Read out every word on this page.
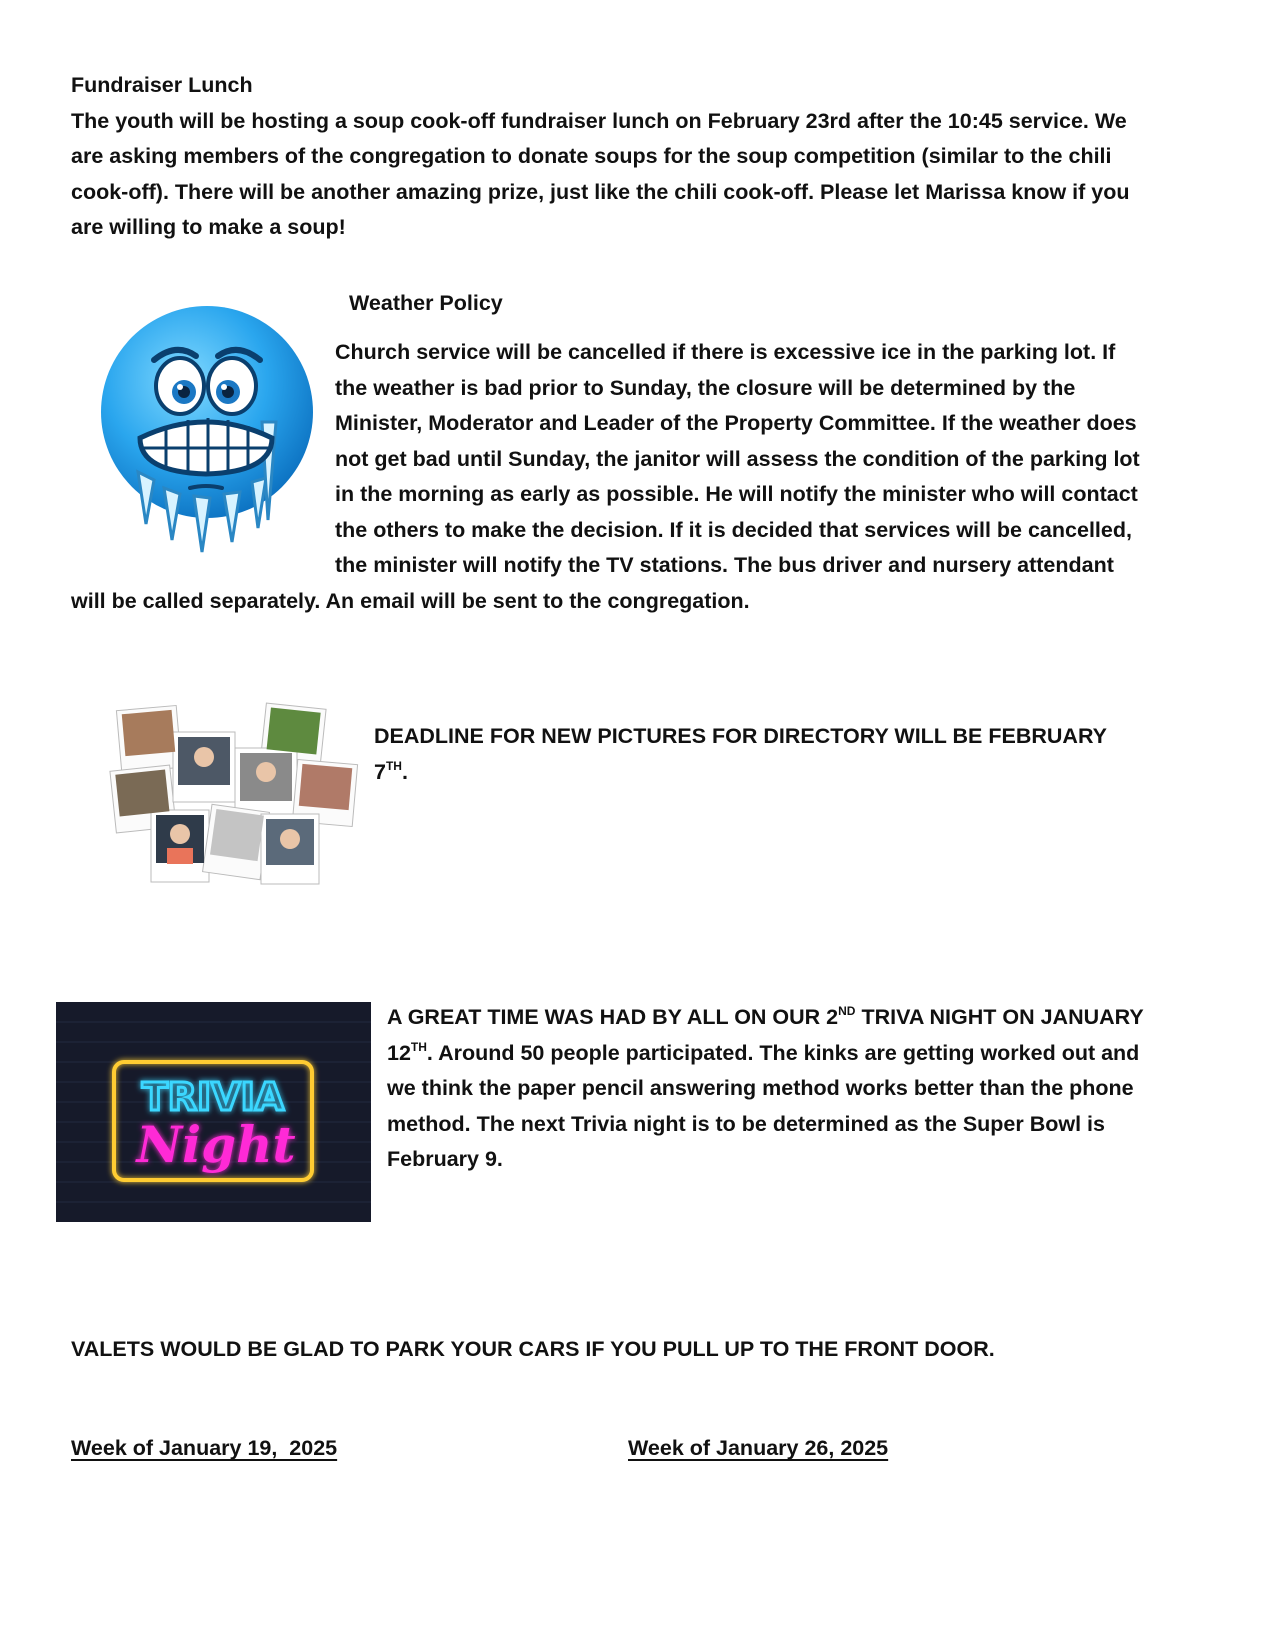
Fundraiser Lunch

The youth will be hosting a soup cook-off fundraiser lunch on February 23rd after the 10:45 service. We are asking members of the congregation to donate soups for the soup competition (similar to the chili cook-off). There will be another amazing prize, just like the chili cook-off. Please let Marissa know if you are willing to make a soup!

Weather Policy

Church service will be cancelled if there is excessive ice in the parking lot. If the weather is bad prior to Sunday, the closure will be determined by the Minister, Moderator and Leader of the Property Committee. If the weather does not get bad until Sunday, the janitor will assess the condition of the parking lot in the morning as early as possible. He will notify the minister who will contact the others to make the decision. If it is decided that services will be cancelled, the minister will notify the TV stations. The bus driver and nursery attendant will be called separately. An email will be sent to the congregation.

DEADLINE FOR NEW PICTURES FOR DIRECTORY WILL BE FEBRUARY 7TH.
TRIVIA
Night
A GREAT TIME WAS HAD BY ALL ON OUR 2ND TRIVA NIGHT ON JANUARY 12TH. Around 50 people participated. The kinks are getting worked out and we think the paper pencil answering method works better than the phone method. The next Trivia night is to be determined as the Super Bowl is February 9.
VALETS WOULD BE GLAD TO PARK YOUR CARS IF YOU PULL UP TO THE FRONT DOOR.
Week of January 19,  2025	Week of January 26, 2025
